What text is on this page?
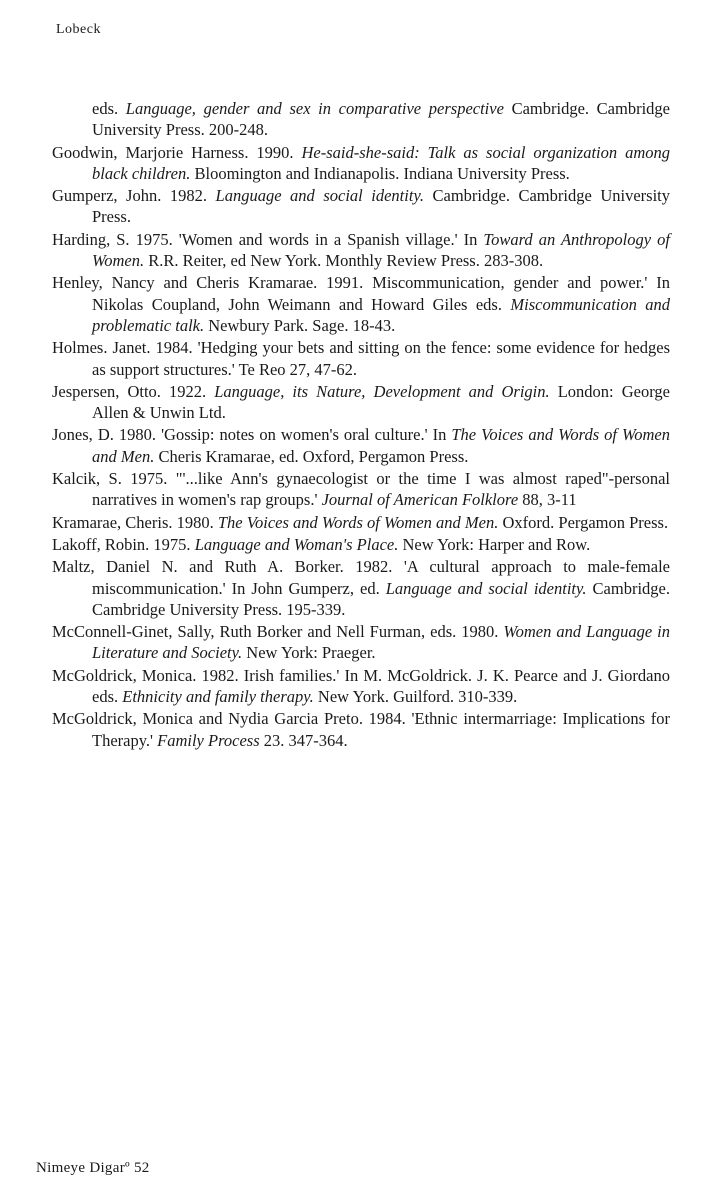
Lobeck
eds. Language, gender and sex in comparative perspective Cambridge. Cambridge University Press. 200-248.
Goodwin, Marjorie Harness. 1990. He-said-she-said: Talk as social organization among black children. Bloomington and Indianapolis. Indiana University Press.
Gumperz, John. 1982. Language and social identity. Cambridge. Cambridge University Press.
Harding, S. 1975. 'Women and words in a Spanish village.' In Toward an Anthropology of Women. R.R. Reiter, ed New York. Monthly Review Press. 283-308.
Henley, Nancy and Cheris Kramarae. 1991. Miscommunication, gender and power.' In Nikolas Coupland, John Weimann and Howard Giles eds. Miscommunication and problematic talk. Newbury Park. Sage. 18-43.
Holmes. Janet. 1984. 'Hedging your bets and sitting on the fence: some evidence for hedges as support structures.' Te Reo 27, 47-62.
Jespersen, Otto. 1922. Language, its Nature, Development and Origin. London: George Allen & Unwin Ltd.
Jones, D. 1980. 'Gossip: notes on women's oral culture.' In The Voices and Words of Women and Men. Cheris Kramarae, ed. Oxford, Pergamon Press.
Kalcik, S. 1975. "'...like Ann's gynaecologist or the time I was almost raped"-personal narratives in women's rap groups.' Journal of American Folklore 88, 3-11
Kramarae, Cheris. 1980. The Voices and Words of Women and Men. Oxford. Pergamon Press.
Lakoff, Robin. 1975. Language and Woman's Place. New York: Harper and Row.
Maltz, Daniel N. and Ruth A. Borker. 1982. 'A cultural approach to male-female miscommunication.' In John Gumperz, ed. Language and social identity. Cambridge. Cambridge University Press. 195-339.
McConnell-Ginet, Sally, Ruth Borker and Nell Furman, eds. 1980. Women and Language in Literature and Society. New York: Praeger.
McGoldrick, Monica. 1982. Irish families.' In M. McGoldrick. J. K. Pearce and J. Giordano eds. Ethnicity and family therapy. New York. Guilford. 310-339.
McGoldrick, Monica and Nydia Garcia Preto. 1984. 'Ethnic intermarriage: Implications for Therapy.' Family Process 23. 347-364.
Nimeye Digarº 52
